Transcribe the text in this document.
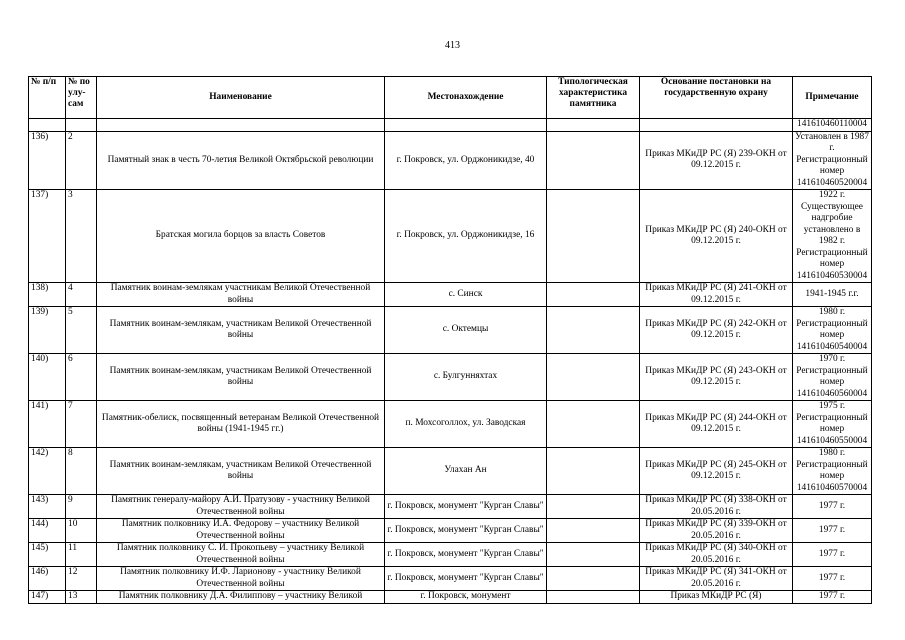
413
№ п/п	№ по улу-сам	Наименование	Местонахождение	Типологическая характеристика памятника	Основание постановки на государственную охрану	Примечание
						141610460110004
136)	2	Памятный знак в честь 70-летия Великой Октябрьской революции	г. Покровск, ул. Орджоникидзе, 40		Приказ МКиДР РС (Я) 239-ОКН от 09.12.2015 г.	Установлен в 1987 г. Регистрационный номер 141610460520004
137)	3	Братская могила борцов за власть Советов	г. Покровск, ул. Орджоникидзе, 16		Приказ МКиДР РС (Я) 240-ОКН от 09.12.2015 г.	1922 г. Существующее надгробие установлено в 1982 г. Регистрационный номер 141610460530004
138)	4	Памятник воинам-землякам участникам Великой Отечественной войны	с. Синск		Приказ МКиДР РС (Я) 241-ОКН от 09.12.2015 г.	1941-1945 г.г.
139)	5	Памятник воинам-землякам, участникам Великой Отечественной войны	с. Октемцы		Приказ МКиДР РС (Я) 242-ОКН от 09.12.2015 г.	1980 г. Регистрационный номер 141610460540004
140)	6	Памятник воинам-землякам, участникам Великой Отечественной войны	с. Булгунняхтах		Приказ МКиДР РС (Я) 243-ОКН от 09.12.2015 г.	1970 г. Регистрационный номер 141610460560004
141)	7	Памятник-обелиск, посвященный ветеранам Великой Отечественной войны (1941-1945 гг.)	п. Мохсоголлох, ул. Заводская		Приказ МКиДР РС (Я) 244-ОКН от 09.12.2015 г.	1975 г. Регистрационный номер 141610460550004
142)	8	Памятник воинам-землякам, участникам Великой Отечественной войны	Улахан Ан		Приказ МКиДР РС (Я) 245-ОКН от 09.12.2015 г.	1980 г. Регистрационный номер 141610460570004
143)	9	Памятник генералу-майору А.И. Пратузову - участнику Великой Отечественной войны	г. Покровск, монумент "Курган Славы"		Приказ МКиДР РС (Я) 338-ОКН от 20.05.2016 г.	1977 г.
144)	10	Памятник полковнику И.А. Федорову – участнику Великой Отечественной войны	г. Покровск, монумент "Курган Славы"		Приказ МКиДР РС (Я) 339-ОКН от 20.05.2016 г.	1977 г.
145)	11	Памятник полковнику С. И. Прокопьеву – участнику Великой Отечественной войны	г. Покровск, монумент "Курган Славы"		Приказ МКиДР РС (Я) 340-ОКН от 20.05.2016 г.	1977 г.
146)	12	Памятник полковнику И.Ф. Ларионову - участнику Великой Отечественной войны	г. Покровск, монумент "Курган Славы"		Приказ МКиДР РС (Я) 341-ОКН от 20.05.2016 г.	1977 г.
147)	13	Памятник полковнику Д.А. Филиппову – участнику Великой	г. Покровск, монумент		Приказ МКиДР РС (Я)	1977 г.
